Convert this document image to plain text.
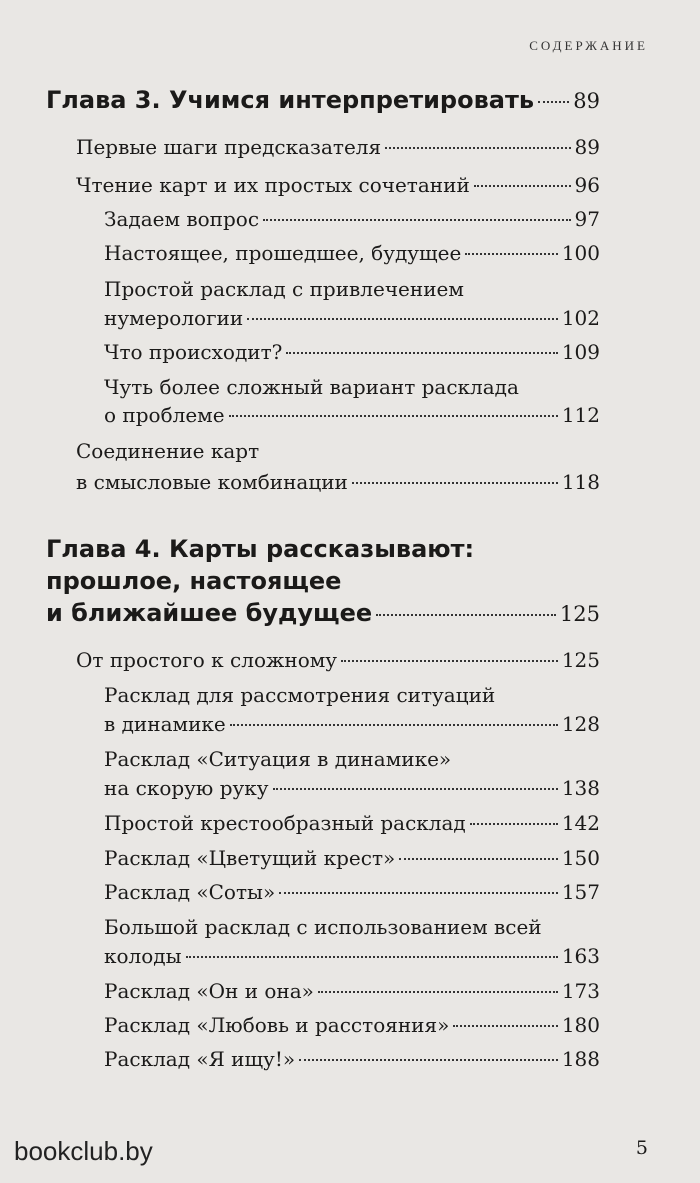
СОДЕРЖАНИЕ
Глава 3. Учимся интерпретировать 89
Первые шаги предсказателя	89
Чтение карт и их простых сочетаний	96
Задаем вопрос	97
Настоящее, прошедшее, будущее	100
Простой расклад с привлечением
нумерологии	102
Что происходит?	109
Чуть более сложный вариант расклада
о проблеме	112
Соединение карт
в смысловые комбинации	118
Глава 4. Карты рассказывают:
прошлое, настоящее
и ближайшее будущее	125
От простого к сложному	125
Расклад для рассмотрения ситуаций
в динамике	128
Расклад «Ситуация в динамике»
на скорую руку	138
Простой крестообразный расклад	142
Расклад «Цветущий крест»	150
Расклад «Соты»	157
Большой расклад с использованием всей
колоды	163
Расклад «Он и она»	173
Расклад «Любовь и расстояния»	180
Расклад «Я ищу!»	188
5
bookclub.by
